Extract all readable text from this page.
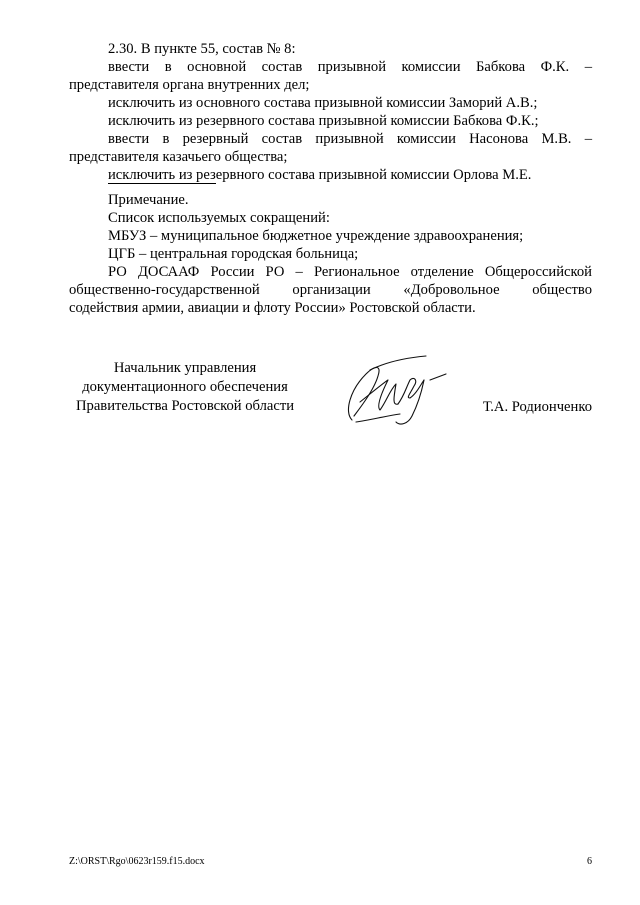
2.30. В пункте 55, состав № 8:
ввести в основной состав призывной комиссии Бабкова Ф.К. –
представителя органа внутренних дел;
исключить из основного состава призывной комиссии Заморий А.В.;
исключить из резервного состава призывной комиссии Бабкова Ф.К.;
ввести в резервный состав призывной комиссии Насонова М.В. –
представителя казачьего общества;
исключить из резервного состава призывной комиссии Орлова М.Е.
Примечание.
Список используемых сокращений:
МБУЗ – муниципальное бюджетное учреждение здравоохранения;
ЦГБ – центральная городская больница;
РО ДОСААФ России РО – Региональное отделение Общероссийской
общественно-государственной организации «Добровольное общество
содействия армии, авиации и флоту России» Ростовской области.
Начальник управления
документационного обеспечения
Правительства Ростовской области	Т.А. Родионченко
Z:\ORST\Rgo\0623r159.f15.docx	6
